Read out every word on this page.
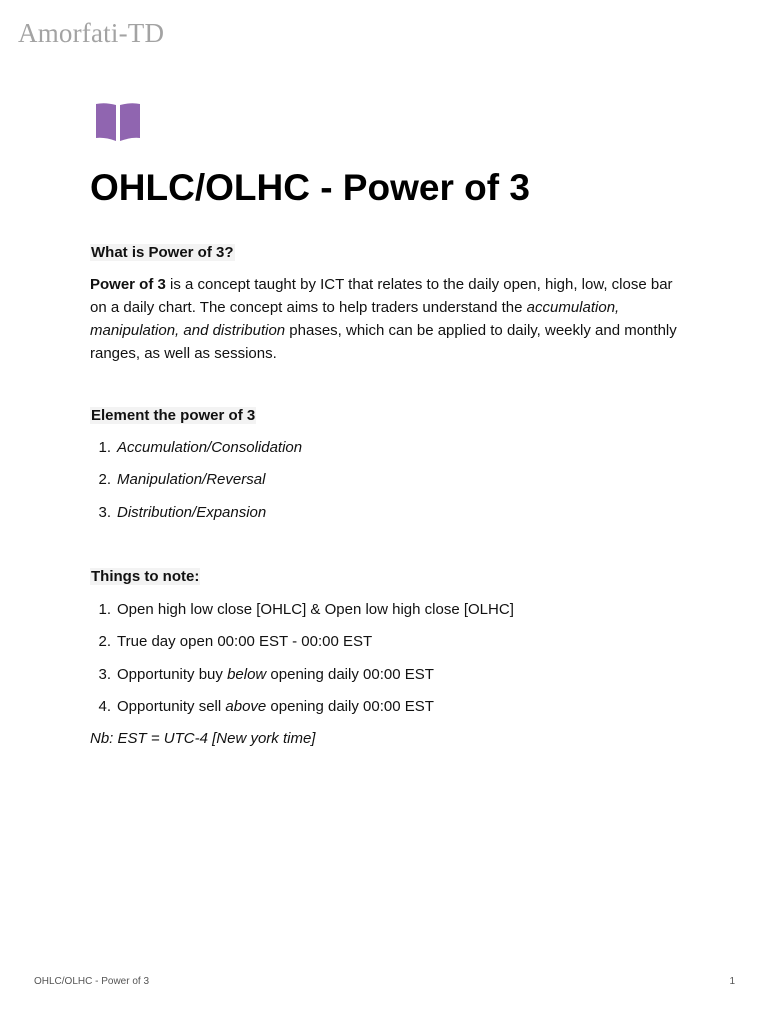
Amorfati-TD
OHLC/OLHC - Power of 3
What is Power of 3?

Power of 3 is a concept taught by ICT that relates to the daily open, high, low, close bar on a daily chart. The concept aims to help traders understand the accumulation, manipulation, and distribution phases, which can be applied to daily, weekly and monthly ranges, as well as sessions.

Element the power of 3
1. Accumulation/Consolidation
2. Manipulation/Reversal
3. Distribution/Expansion
Things to note:
1. Open high low close [OHLC] & Open low high close [OLHC]
2. True day open 00:00 EST - 00:00 EST
3. Opportunity buy below opening daily 00:00 EST
4. Opportunity sell above opening daily 00:00 EST

Nb: EST = UTC-4 [New york time]

OHLC/OLHC - Power of 3	1
